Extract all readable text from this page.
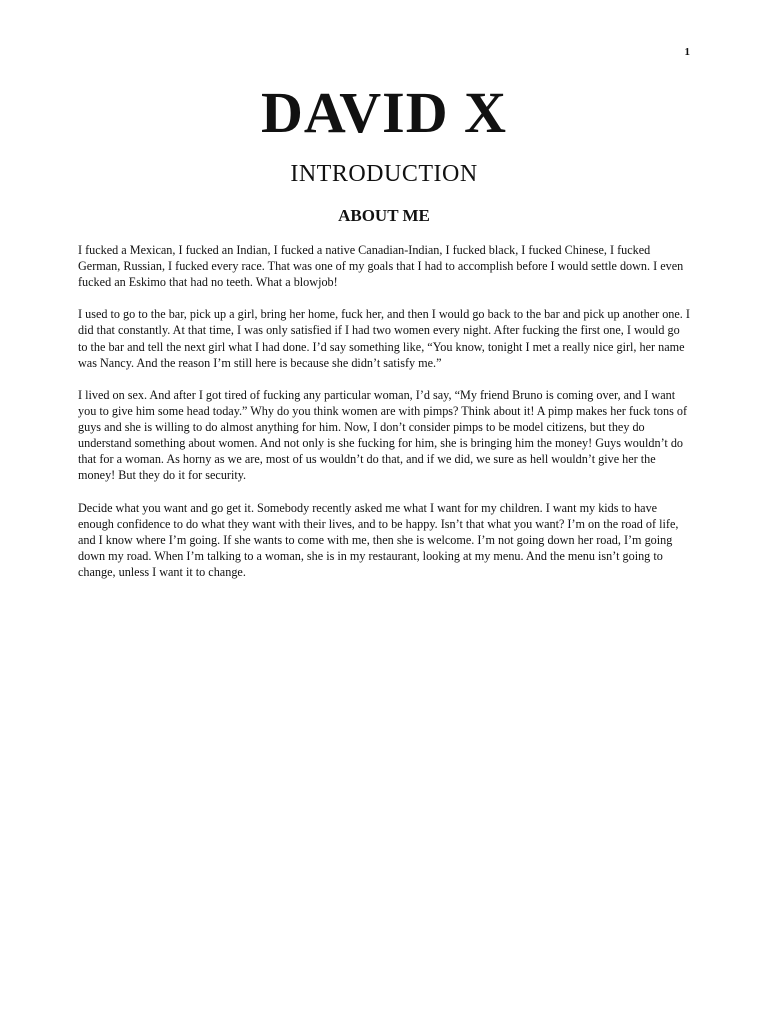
1
DAVID X
INTRODUCTION
ABOUT ME

I fucked a Mexican, I fucked an Indian, I fucked a native Canadian-Indian, I fucked black, I fucked Chinese, I fucked German, Russian, I fucked every race. That was one of my goals that I had to accomplish before I would settle down. I even fucked an Eskimo that had no teeth. What a blowjob!

I used to go to the bar, pick up a girl, bring her home, fuck her, and then I would go back to the bar and pick up another one. I did that constantly. At that time, I was only satisfied if I had two women every night. After fucking the first one, I would go to the bar and tell the next girl what I had done. I’d say something like, “You know, tonight I met a really nice girl, her name was Nancy. And the reason I’m still here is because she didn’t satisfy me.”

I lived on sex. And after I got tired of fucking any particular woman, I’d say, “My friend Bruno is coming over, and I want you to give him some head today.” Why do you think women are with pimps? Think about it! A pimp makes her fuck tons of guys and she is willing to do almost anything for him. Now, I don’t consider pimps to be model citizens, but they do understand something about women. And not only is she fucking for him, she is bringing him the money! Guys wouldn’t do that for a woman. As horny as we are, most of us wouldn’t do that, and if we did, we sure as hell wouldn’t give her the money! But they do it for security.

Decide what you want and go get it. Somebody recently asked me what I want for my children. I want my kids to have enough confidence to do what they want with their lives, and to be happy. Isn’t that what you want? I’m on the road of life, and I know where I’m going. If she wants to come with me, then she is welcome. I’m not going down her road, I’m going down my road. When I’m talking to a woman, she is in my restaurant, looking at my menu. And the menu isn’t going to change, unless I want it to change.
